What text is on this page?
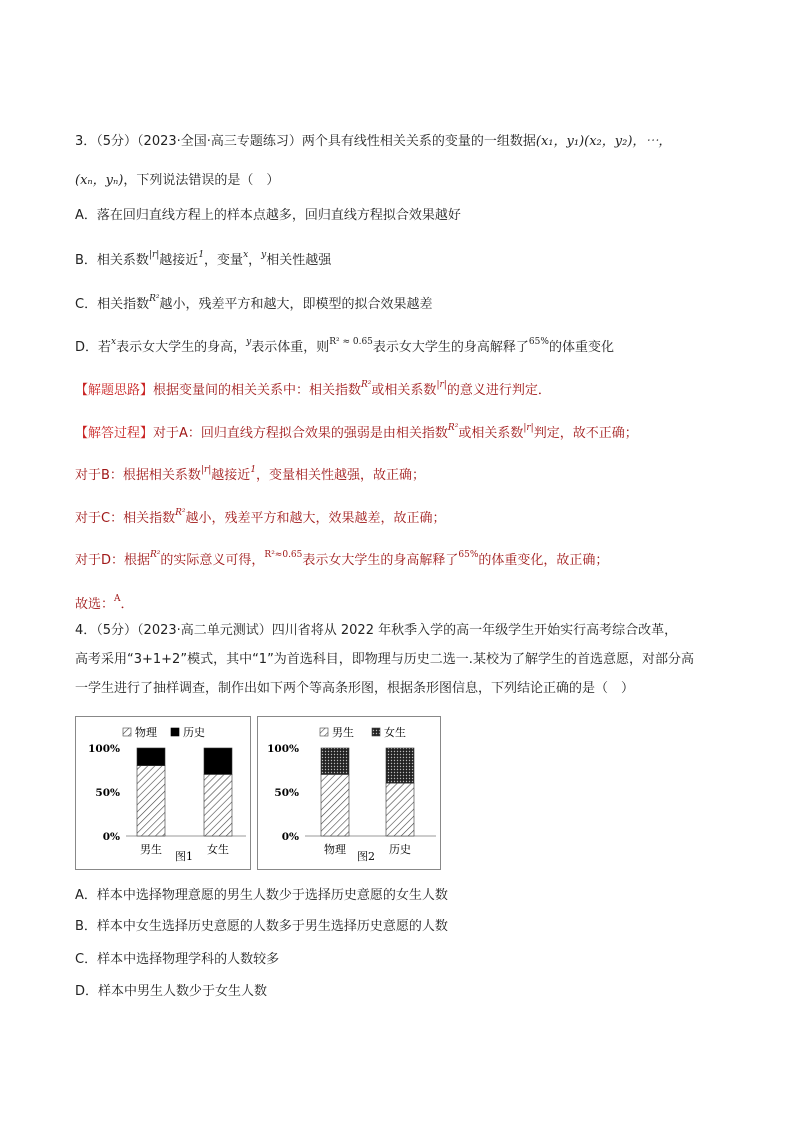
3．（5分）（2023·全国·高三专题练习）两个具有线性相关关系的变量的一组数据(x₁，y₁)(x₂，y₂)，⋯，
(xₙ，yₙ)，下列说法错误的是（　）
A．落在回归直线方程上的样本点越多，回归直线方程拟合效果越好
B．相关系数$^{|r|}$越接近$^1$，变量$^x$，$^y$相关性越强
C．相关指数$^{R^2}$越小，残差平方和越大，即模型的拟合效果越差
D．若$^x$表示女大学生的身高，$^y$表示体重，则$^{R^2 \approx 0.65}$表示女大学生的身高解释了$^{65\%}$的体重变化
【解题思路】根据变量间的相关关系中：相关指数$^{R^2}$或相关系数$^{|r|}$的意义进行判定．
【解答过程】对于A：回归直线方程拟合效果的强弱是由相关指数$^{R^2}$或相关系数$^{|r|}$判定，故不正确；
对于B：根据相关系数$^{|r|}$越接近$^1$，变量相关性越强，故正确；
对于C：相关指数$^{R^2}$越小，残差平方和越大，效果越差，故正确；
对于D：根据$^{R^2}$的实际意义可得，$^{R^2\approx 0.65}$表示女大学生的身高解释了$^{65\%}$的体重变化，故正确；
故选：$^A$．
4．（5分）（2023·高二单元测试）四川省将从 2022 年秋季入学的高一年级学生开始实行高考综合改革，
高考采用“3+1+2”模式，其中“1”为首选科目，即物理与历史二选一.某校为了解学生的首选意愿，对部分高
一学生进行了抽样调查，制作出如下两个等高条形图，根据条形图信息，下列结论正确的是（　）
物理 历史
0%
50%
100%
男生	女生
图1
男生	女生
0%
50%
100%
物理	历史
图2
A．样本中选择物理意愿的男生人数少于选择历史意愿的女生人数
B．样本中女生选择历史意愿的人数多于男生选择历史意愿的人数
C．样本中选择物理学科的人数较多
D．样本中男生人数少于女生人数
